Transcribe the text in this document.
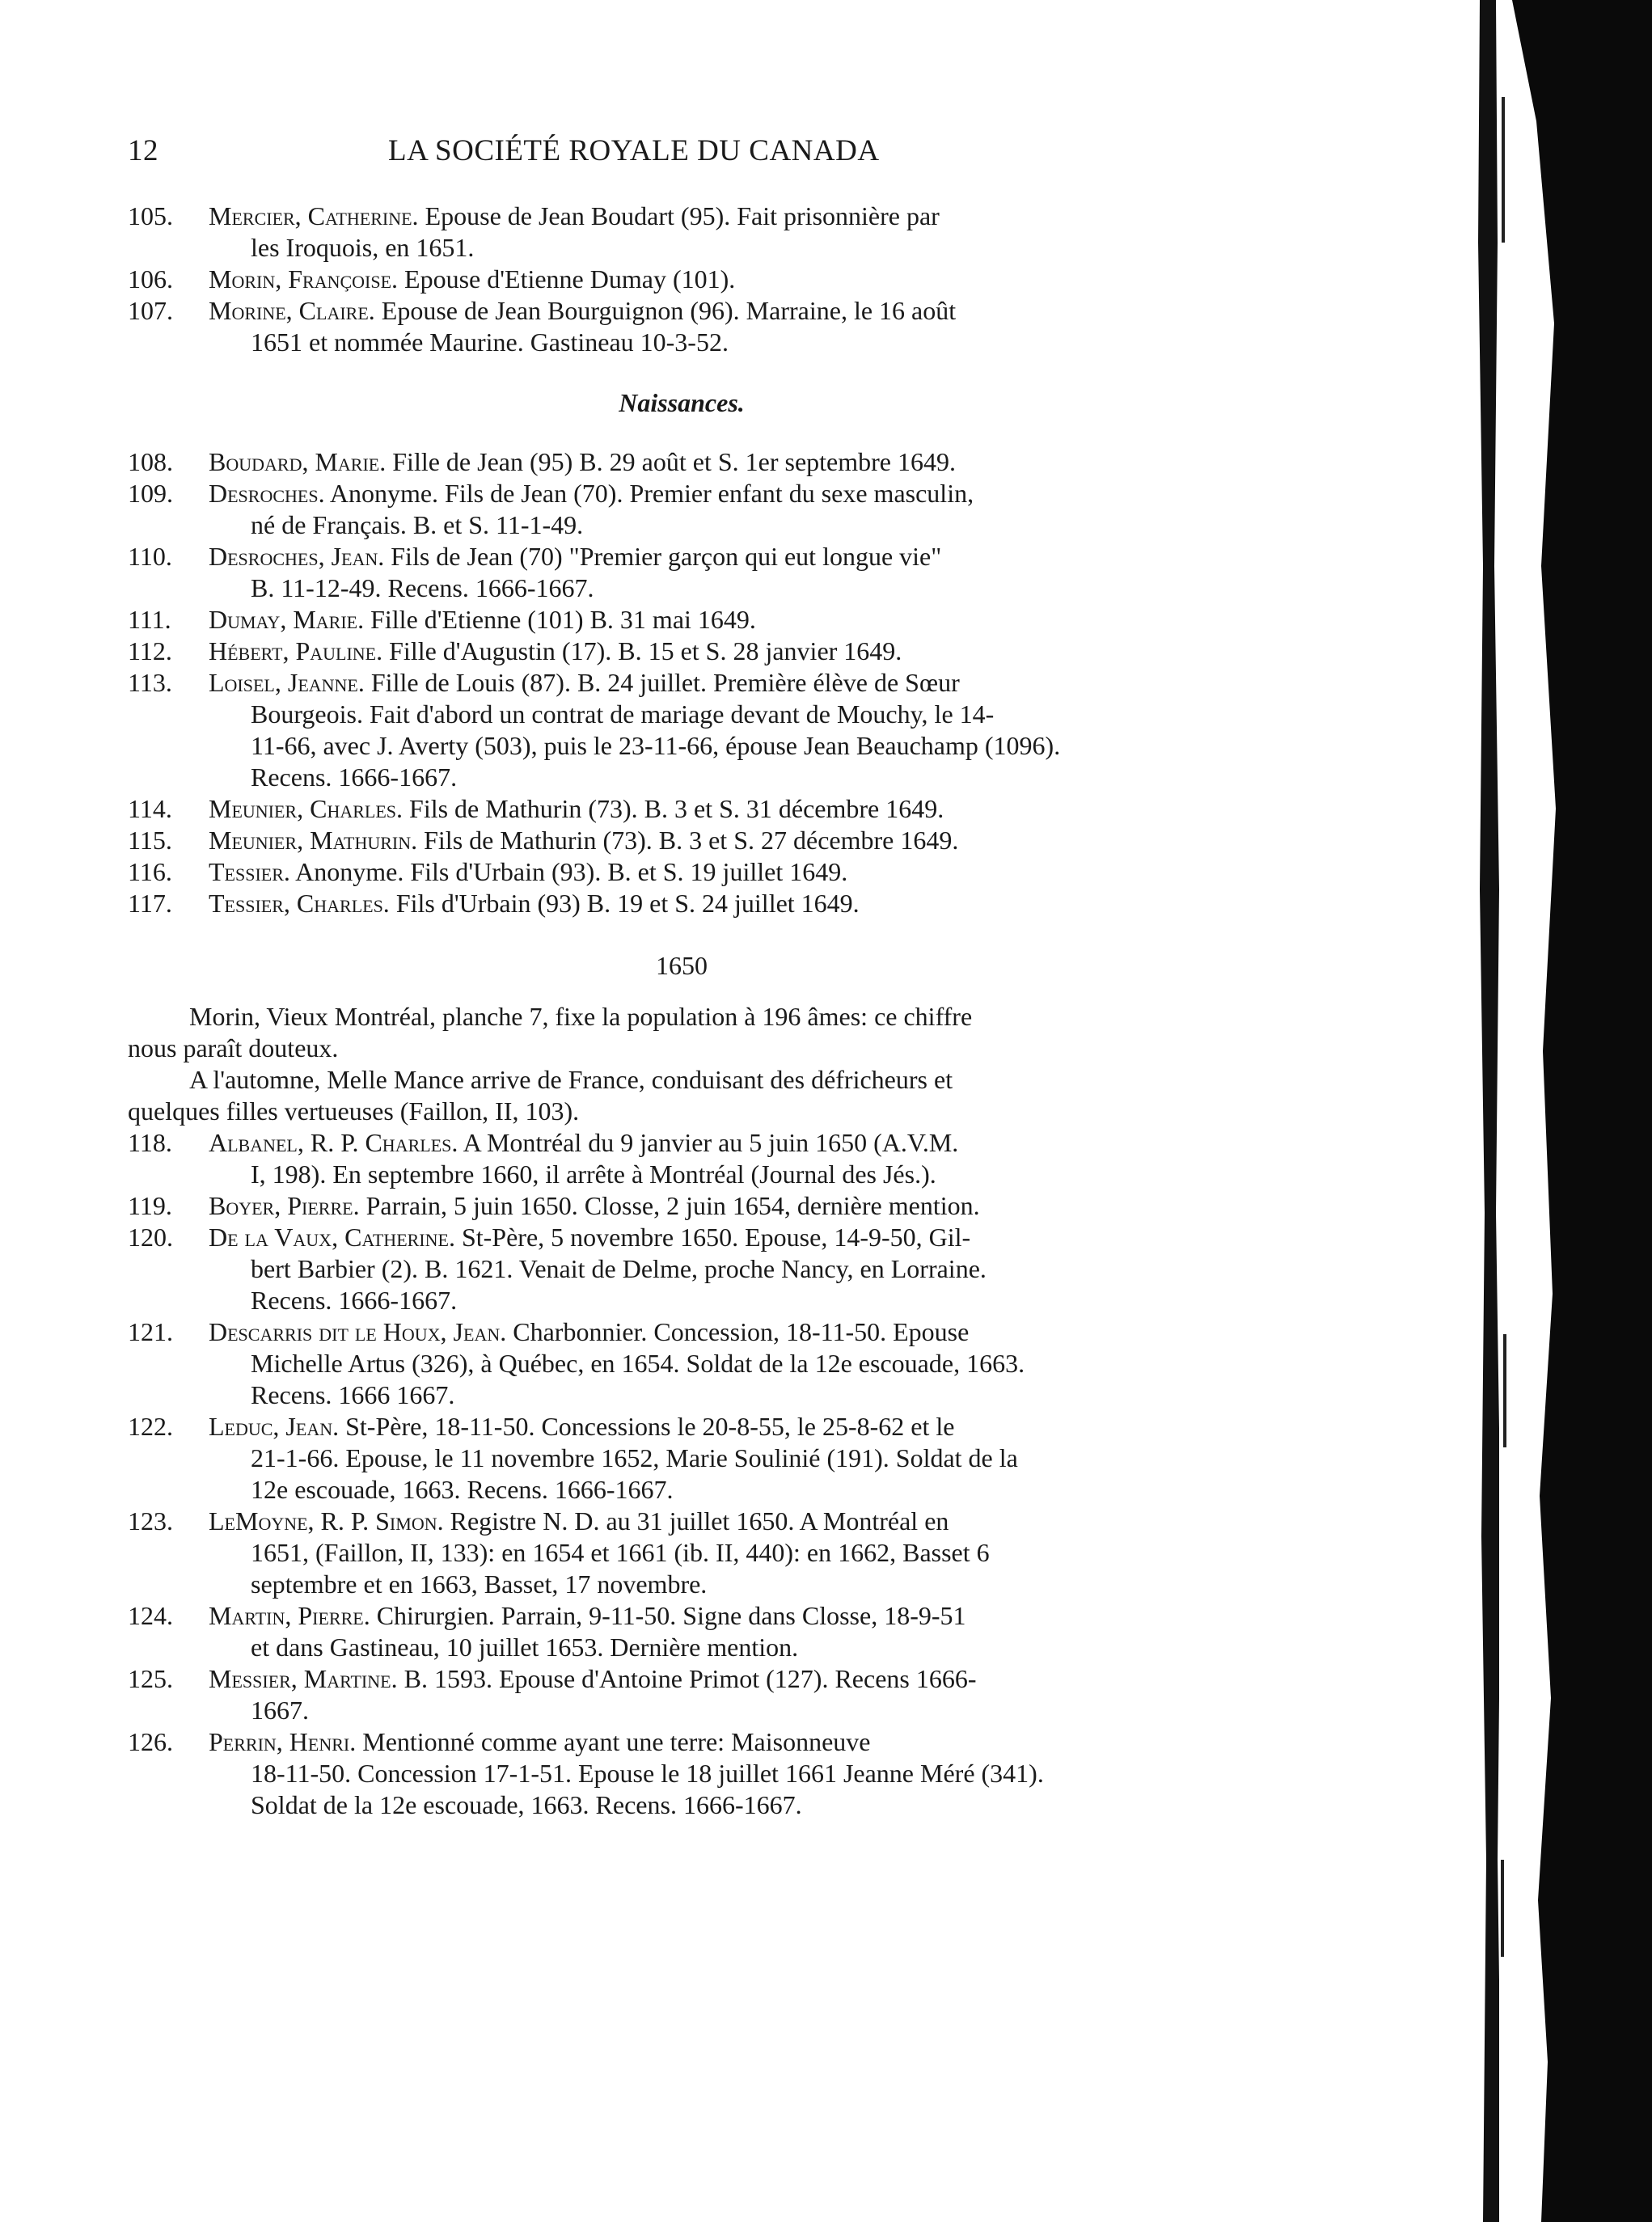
12	LA SOCIÉTÉ ROYALE DU CANADA
105. Mercier, Catherine. Epouse de Jean Boudart (95). Fait prisonnière par
les Iroquois, en 1651.
106. Morin, Françoise. Epouse d'Etienne Dumay (101).
107. Morine, Claire. Epouse de Jean Bourguignon (96). Marraine, le 16 août
1651 et nommée Maurine. Gastineau 10-3-52.
Naissances.
108. Boudard, Marie. Fille de Jean (95) B. 29 août et S. 1er septembre 1649.
109. Desroches. Anonyme. Fils de Jean (70). Premier enfant du sexe masculin,
né de Français. B. et S. 11-1-49.
110. Desroches, Jean. Fils de Jean (70) "Premier garçon qui eut longue vie"
B. 11-12-49. Recens. 1666-1667.
111. Dumay, Marie. Fille d'Etienne (101) B. 31 mai 1649.
112. Hébert, Pauline. Fille d'Augustin (17). B. 15 et S. 28 janvier 1649.
113. Loisel, Jeanne. Fille de Louis (87). B. 24 juillet. Première élève de Sœur
Bourgeois. Fait d'abord un contrat de mariage devant de Mouchy, le 14-
11-66, avec J. Averty (503), puis le 23-11-66, épouse Jean Beauchamp (1096).
Recens. 1666-1667.
114. Meunier, Charles. Fils de Mathurin (73). B. 3 et S. 31 décembre 1649.
115. Meunier, Mathurin. Fils de Mathurin (73). B. 3 et S. 27 décembre 1649.
116. Tessier. Anonyme. Fils d'Urbain (93). B. et S. 19 juillet 1649.
117. Tessier, Charles. Fils d'Urbain (93) B. 19 et S. 24 juillet 1649.
1650
Morin, Vieux Montréal, planche 7, fixe la population à 196 âmes: ce chiffre
nous paraît douteux.
A l'automne, Melle Mance arrive de France, conduisant des défricheurs et
quelques filles vertueuses (Faillon, II, 103).
118. Albanel, R. P. Charles. A Montréal du 9 janvier au 5 juin 1650 (A.V.M.
I, 198). En septembre 1660, il arrête à Montréal (Journal des Jés.).
119. Boyer, Pierre. Parrain, 5 juin 1650. Closse, 2 juin 1654, dernière mention.
120. De la Vaux, Catherine. St-Père, 5 novembre 1650. Epouse, 14-9-50, Gil-
bert Barbier (2). B. 1621. Venait de Delme, proche Nancy, en Lorraine.
Recens. 1666-1667.
121. Descarris dit le Houx, Jean. Charbonnier. Concession, 18-11-50. Epouse
Michelle Artus (326), à Québec, en 1654. Soldat de la 12e escouade, 1663.
Recens. 1666 1667.
122. Leduc, Jean. St-Père, 18-11-50. Concessions le 20-8-55, le 25-8-62 et le
21-1-66. Epouse, le 11 novembre 1652, Marie Soulinié (191). Soldat de la
12e escouade, 1663. Recens. 1666-1667.
123. LeMoyne, R. P. Simon. Registre N. D. au 31 juillet 1650. A Montréal en
1651, (Faillon, II, 133): en 1654 et 1661 (ib. II, 440): en 1662, Basset 6
septembre et en 1663, Basset, 17 novembre.
124. Martin, Pierre. Chirurgien. Parrain, 9-11-50. Signe dans Closse, 18-9-51
et dans Gastineau, 10 juillet 1653. Dernière mention.
125. Messier, Martine. B. 1593. Epouse d'Antoine Primot (127). Recens 1666-
1667.
126. Perrin, Henri. Mentionné comme ayant une terre: Maisonneuve
18-11-50. Concession 17-1-51. Epouse le 18 juillet 1661 Jeanne Méré (341).
Soldat de la 12e escouade, 1663. Recens. 1666-1667.
